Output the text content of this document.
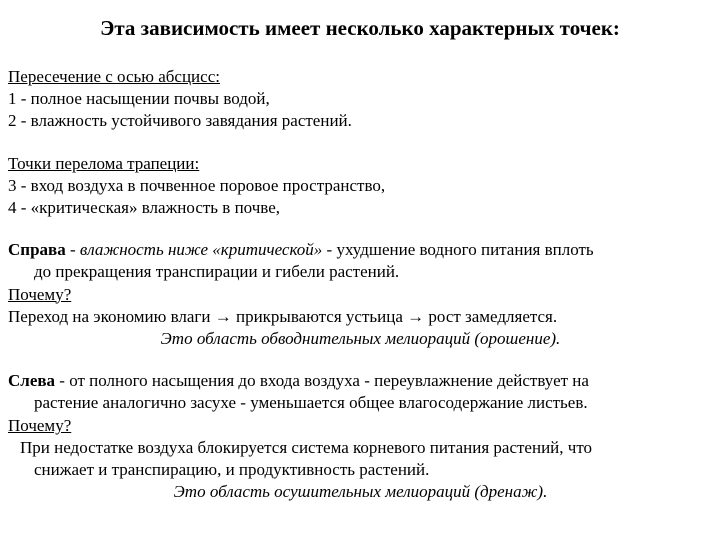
Эта зависимость имеет несколько характерных точек:
Пересечение с осью абсцисс:
1 - полное насыщении почвы водой,
2 - влажность устойчивого завядания растений.
Точки перелома трапеции:
3 - вход воздуха в почвенное поровое пространство,
4 - «критическая» влажность в почве,
Справа - влажность ниже «критической» - ухудшение водного питания вплоть
до прекращения транспирации и гибели растений.
Почему?
Переход на экономию влаги → прикрываются устьица → рост замедляется.
Это область обводнительных мелиораций (орошение).
Слева - от полного насыщения до входа воздуха - переувлажнение действует на
растение аналогично засухе - уменьшается общее влагосодержание листьев.
Почему?
При недостатке воздуха блокируется система корневого питания растений, что
снижает и транспирацию, и продуктивность растений.
Это область осушительных мелиораций (дренаж).
